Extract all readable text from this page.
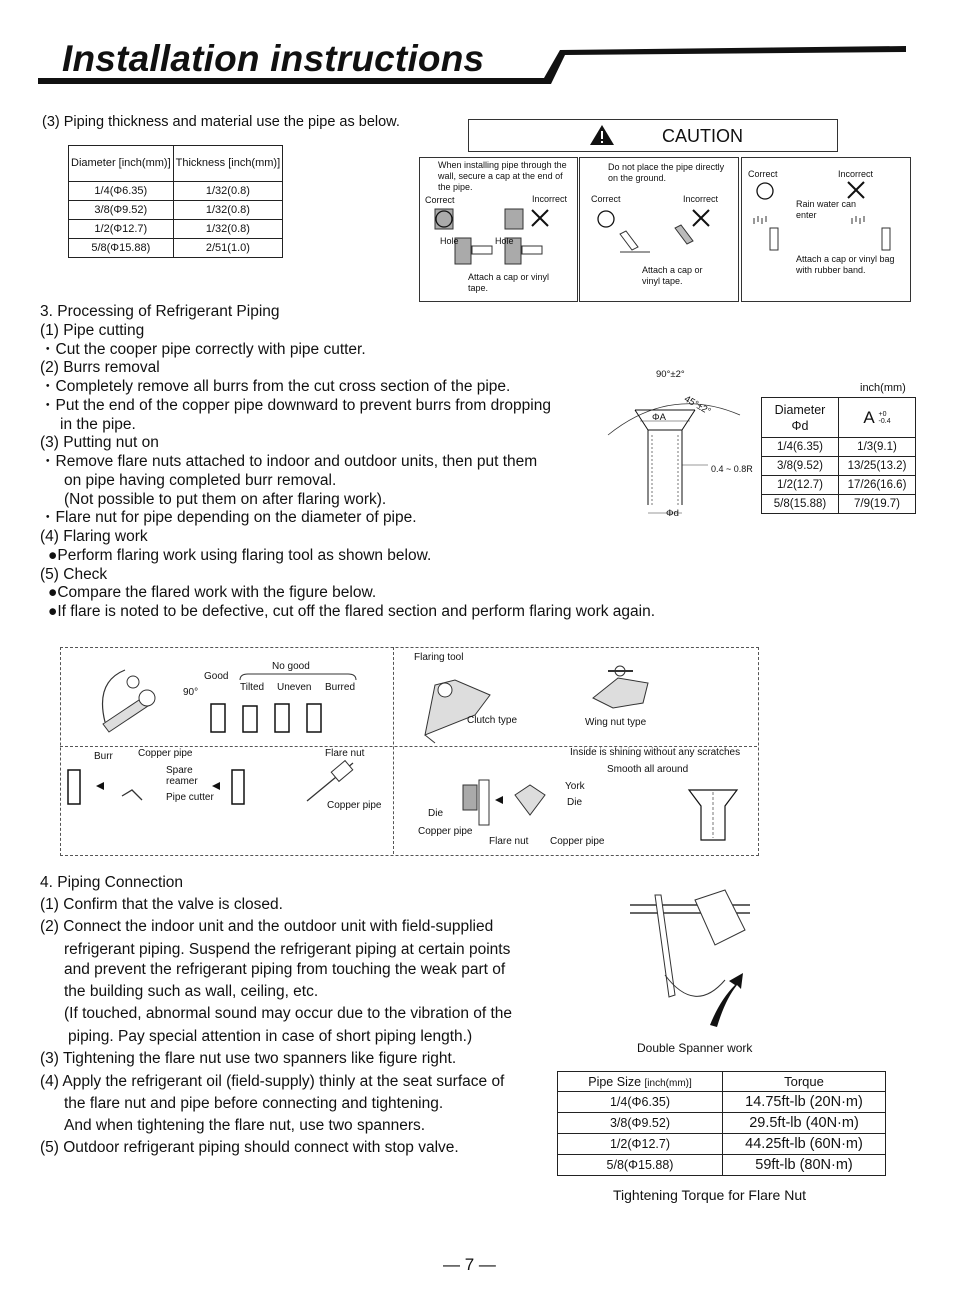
Installation instructions
(3) Piping thickness and material use the pipe as below.
Diameter [inch(mm)]	Thickness [inch(mm)]
1/4(Φ6.35)	1/32(0.8)
3/8(Φ9.52)	1/32(0.8)
1/2(Φ12.7)	1/32(0.8)
5/8(Φ15.88)	2/51(1.0)
CAUTION
When installing pipe through the wall, secure a cap at the end of the pipe.
Correct	Incorrect
Hole	Hole
Attach a cap or vinyl tape.
Do not place the pipe directly on the ground.
Correct	Incorrect
Attach a cap or vinyl tape.
Correct	Incorrect
Rain water can enter
Attach a cap or vinyl bag with rubber band.
3. Processing of Refrigerant Piping
(1) Pipe cutting
・Cut the cooper pipe correctly with pipe cutter.
(2) Burrs removal
・Completely remove all burrs from the cut cross section of the pipe.
・Put the end of the copper pipe downward to prevent burrs from dropping
in the pipe.
(3) Putting nut on
・Remove flare nuts attached to indoor and outdoor units, then put them
on pipe having completed burr removal.
(Not possible to put them on after flaring work).
・Flare nut for pipe depending on the diameter of pipe.
(4) Flaring work
●Perform flaring work using flaring tool as shown below.
(5) Check
●Compare the flared work with the figure below.
●If flare is noted to be defective, cut off the flared section and perform flaring work again.
90°±2°
45°±2°
ΦA
0.4 ~ 0.8R
Φd
inch(mm)
Diameter
Φd	A +0
-0.4
1/4(6.35)	1/3(9.1)
3/8(9.52)	13/25(13.2)
1/2(12.7)	17/26(16.6)
5/8(15.88)	7/9(19.7)
Good
90°
No good
Tilted Uneven Burred
Flaring tool
Clutch type	Wing nut type
Burr	Copper pipe
Spare reamer
Pipe cutter
Flare nut
Copper pipe
Inside is shining without any scratches
Smooth all around
Die
Copper pipe
York
Die
Flare nut Copper pipe
4. Piping Connection
(1) Confirm that the valve is closed.
(2) Connect the indoor unit and the outdoor unit with field-supplied
refrigerant piping. Suspend the refrigerant piping at certain points
and prevent the refrigerant piping from touching the weak part of
the building such as wall, ceiling, etc.
(If touched, abnormal sound may occur due to the vibration of the
piping. Pay special attention in case of short piping length.)
(3) Tightening the flare nut use two spanners like figure right.
(4) Apply the refrigerant oil (field-supply) thinly at the seat surface of
the flare nut and pipe before connecting and tightening.
And when tightening the flare nut, use two spanners.
(5) Outdoor refrigerant piping should connect with stop valve.
Double Spanner work
Pipe Size [inch(mm)]	Torque
1/4(Φ6.35)	14.75ft-lb (20N·m)
3/8(Φ9.52)	29.5ft-lb (40N·m)
1/2(Φ12.7)	44.25ft-lb (60N·m)
5/8(Φ15.88)	59ft-lb (80N·m)
Tightening Torque for Flare Nut
— 7 —
